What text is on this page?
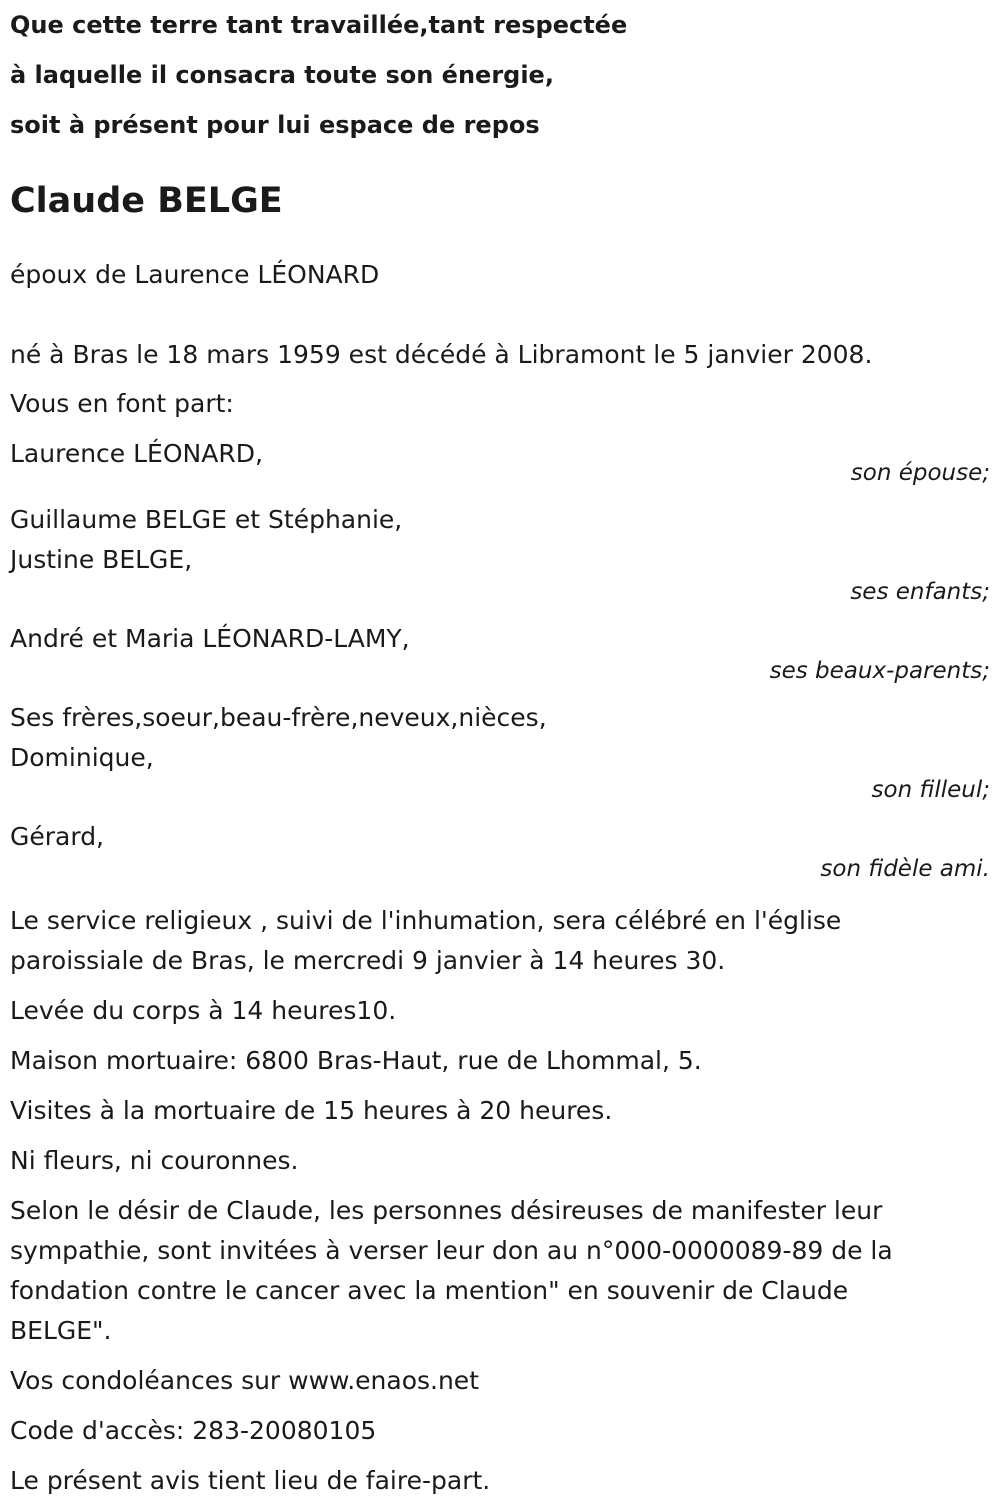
Que cette terre tant travaillée,tant respectée

à laquelle il consacra toute son énergie,

soit à présent pour lui espace de repos

Claude BELGE

époux de Laurence LÉONARD

né à Bras le 18 mars 1959 est décédé à Libramont le 5 janvier 2008.

Vous en font part:

Laurence LÉONARD,

son épouse;

Guillaume BELGE et Stéphanie,

Justine BELGE,

ses enfants;

André et Maria LÉONARD-LAMY,

ses beaux-parents;

Ses frères,soeur,beau-frère,neveux,nièces,

Dominique,

son filleul;

Gérard,

son fidèle ami.

Le service religieux , suivi de l'inhumation, sera célébré en l'église

paroissiale de Bras, le mercredi 9 janvier à 14 heures 30.

Levée du corps à 14 heures10.

Maison mortuaire: 6800 Bras-Haut, rue de Lhommal, 5.

Visites à la mortuaire de 15 heures à 20 heures.

Ni fleurs, ni couronnes.

Selon le désir de Claude, les personnes désireuses de manifester leur

sympathie, sont invitées à verser leur don au n°000-0000089-89 de la

fondation contre le cancer avec la mention" en souvenir de Claude

BELGE".

Vos condoléances sur www.enaos.net

Code d'accès: 283-20080105

Le présent avis tient lieu de faire-part.
